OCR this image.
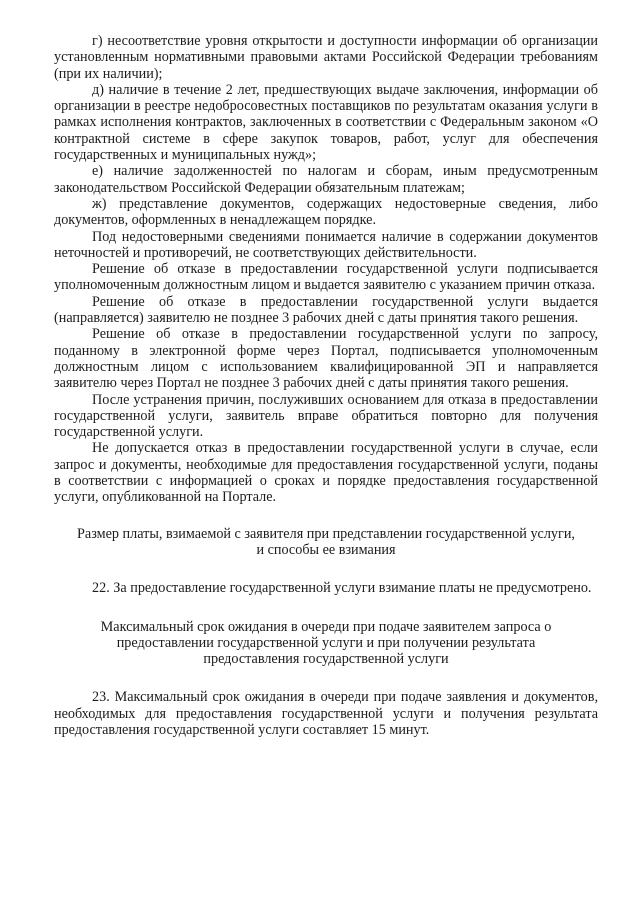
г) несоответствие уровня открытости и доступности информации об организации установленным нормативными правовыми актами Российской Федерации требованиям (при их наличии);

д) наличие в течение 2 лет, предшествующих выдаче заключения, информации об организации в реестре недобросовестных поставщиков по результатам оказания услуги в рамках исполнения контрактов, заключенных в соответствии с Федеральным законом «О контрактной системе в сфере закупок товаров, работ, услуг для обеспечения государственных и муниципальных нужд»;

е) наличие задолженностей по налогам и сборам, иным предусмотренным законодательством Российской Федерации обязательным платежам;

ж) представление документов, содержащих недостоверные сведения, либо документов, оформленных в ненадлежащем порядке.

Под недостоверными сведениями понимается наличие в содержании документов неточностей и противоречий, не соответствующих действительности.

Решение об отказе в предоставлении государственной услуги подписывается уполномоченным должностным лицом и выдается заявителю с указанием причин отказа.

Решение об отказе в предоставлении государственной услуги выдается (направляется) заявителю не позднее 3 рабочих дней с даты принятия такого решения.

Решение об отказе в предоставлении государственной услуги по запросу, поданному в электронной форме через Портал, подписывается уполномоченным должностным лицом с использованием квалифицированной ЭП и направляется заявителю через Портал не позднее 3 рабочих дней с даты принятия такого решения.

После устранения причин, послуживших основанием для отказа в предоставлении государственной услуги, заявитель вправе обратиться повторно для получения государственной услуги.

Не допускается отказ в предоставлении государственной услуги в случае, если запрос и документы, необходимые для предоставления государственной услуги, поданы в соответствии с информацией о сроках и порядке предоставления государственной услуги, опубликованной на Портале.

Размер платы, взимаемой с заявителя при представлении государственной услуги,

и способы ее взимания

22. За предоставление государственной услуги взимание платы не предусмотрено.

Максимальный срок ожидания в очереди при подаче заявителем запроса о

предоставлении государственной услуги и при получении результата

предоставления государственной услуги

23. Максимальный срок ожидания в очереди при подаче заявления и документов, необходимых для предоставления государственной услуги и получения результата предоставления государственной услуги составляет 15 минут.
